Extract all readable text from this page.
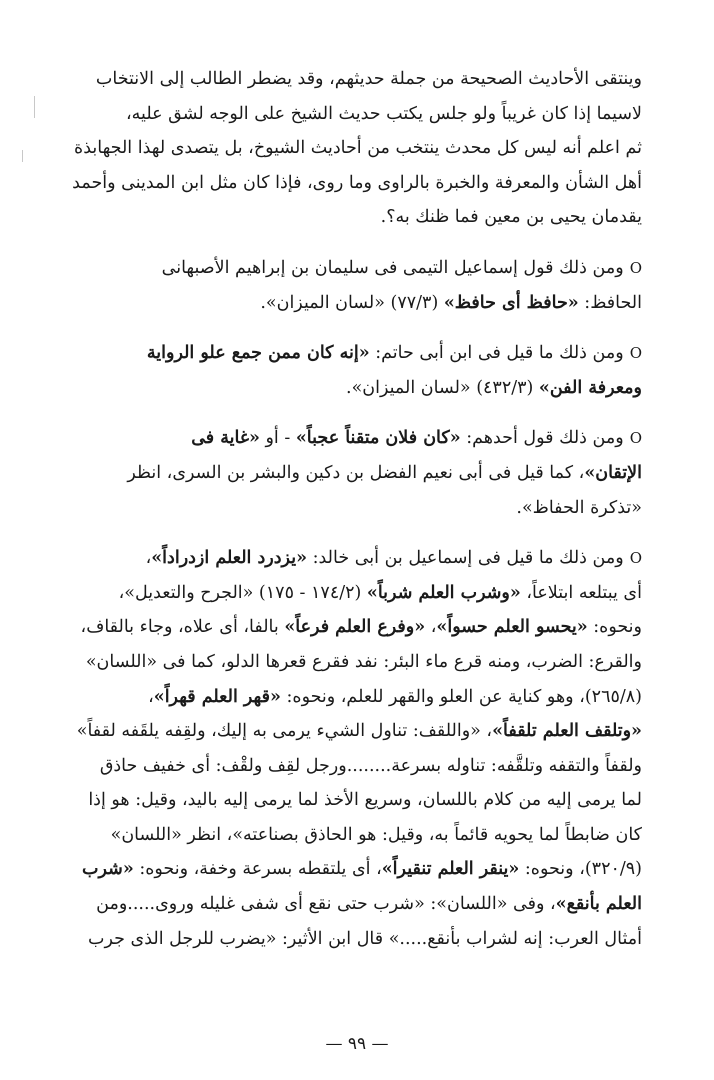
وينتقى الأحاديث الصحيحة من جملة حديثهم، وقد يضطر الطالب إلى الانتخاب
لاسيما إذا كان غريباً ولو جلس يكتب حديث الشيخ على الوجه لشق عليه،
ثم اعلم أنه ليس كل محدث ينتخب من أحاديث الشيوخ، بل يتصدى لهذا الجهابذة
أهل الشأن والمعرفة والخبرة بالراوى وما روى، فإذا كان مثل ابن المدينى وأحمد
يقدمان يحيى بن معين فما ظنك به؟.
Oومن ذلك قول إسماعيل التيمى فى سليمان بن إبراهيم الأصبهانى
الحافظ: «حافظ أى حافظ» (٧٧/٣) «لسان الميزان».
Oومن ذلك ما قيل فى ابن أبى حاتم: «إنه كان ممن جمع علو الرواية
ومعرفة الفن» (٤٣٢/٣) «لسان الميزان».
Oومن ذلك قول أحدهم: «كان فلان متقناً عجباً» - أو «غاية فى
الإتقان»، كما قيل فى أبى نعيم الفضل بن دكين والبشر بن السرى، انظر
«تذكرة الحفاظ».
Oومن ذلك ما قيل فى إسماعيل بن أبى خالد: «يزدرد العلم ازدراداً»،
أى يبتلعه ابتلاعاً، «وشرب العلم شرباً» (١٧٤/٢ - ١٧٥) «الجرح والتعديل»،
ونحوه: «يحسو العلم حسواً»، «وفرع العلم فرعاً» بالفا، أى علاه، وجاء بالقاف،
والقرع: الضرب، ومنه قرع ماء البئر: نفد فقرع قعرها الدلو، كما فى «اللسان»
(٢٦٥/٨)، وهو كناية عن العلو والقهر للعلم، ونحوه: «قهر العلم قهراً»،
«وتلقف العلم تلقفاً»، «واللقف: تناول الشيء يرمى به إليك، ولقِفه يلقَفه لقفاً»
ولقفاً والتقفه وتلقَّفه: تناوله بسرعة........ورجل لقِف ولقْف: أى خفيف حاذق
لما يرمى إليه من كلام باللسان، وسريع الأخذ لما يرمى إليه باليد، وقيل: هو إذا
كان ضابطاً لما يحويه قائماً به، وقيل: هو الحاذق بصناعته»، انظر «اللسان»
(٣٢٠/٩)، ونحوه: «ينقر العلم تنقيراً»، أى يلتقطه بسرعة وخفة، ونحوه: «شرب
العلم بأنقع»، وفى «اللسان»: «شرب حتى نقع أى شفى غليله وروى.....ومن
أمثال العرب: إنه لشراب بأنقع.....» قال ابن الأثير: «يضرب للرجل الذى جرب
— ٩٩ —
